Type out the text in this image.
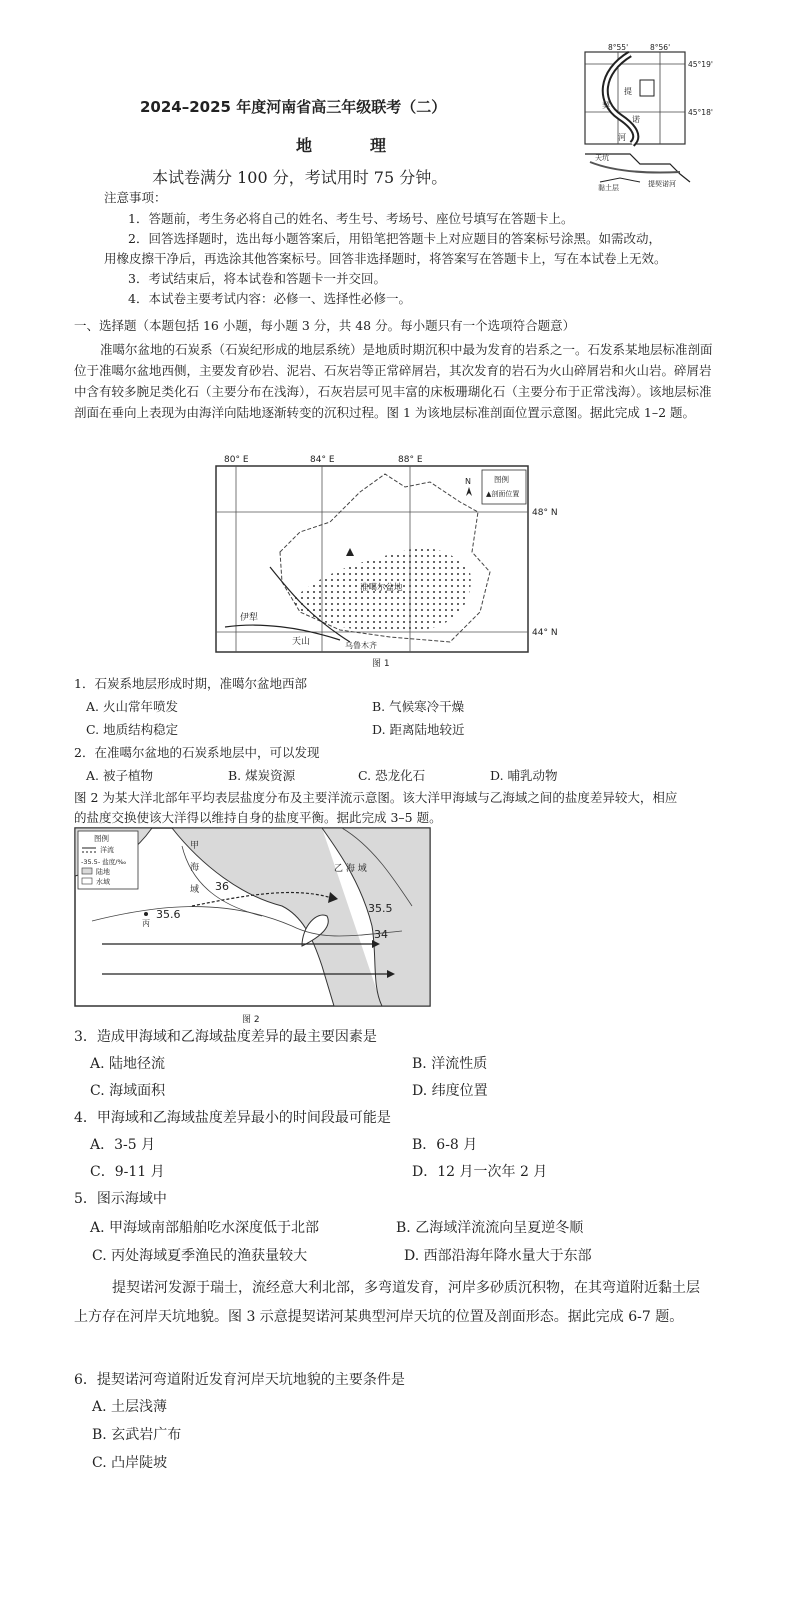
8°55'	8°56'
45°19'
45°18'
提
契
诺
河
天坑
黏土层	提契诺河
2024–2025 年度河南省高三年级联考（二）
地	理
本试卷满分 100 分，考试用时 75 分钟。
注意事项：
1．答题前，考生务必将自己的姓名、考生号、考场号、座位号填写在答题卡上。
2．回答选择题时，选出每小题答案后，用铅笔把答题卡上对应题目的答案标号涂黑。如需改动，
用橡皮擦干净后，再选涂其他答案标号。回答非选择题时，将答案写在答题卡上，写在本试卷上无效。
3．考试结束后，将本试卷和答题卡一并交回。
4．本试卷主要考试内容：必修一、选择性必修一。
一、选择题（本题包括 16 小题，每小题 3 分，共 48 分。每小题只有一个选项符合题意）
准噶尔盆地的石炭系（石炭纪形成的地层系统）是地质时期沉积中最为发育的岩系之一。石发系某地层标准剖面位于准噶尔盆地西侧，主要发育砂岩、泥岩、石灰岩等正常碎屑岩，其次发育的岩石为火山碎屑岩和火山岩。碎屑岩中含有较多腕足类化石（主要分布在浅海），石灰岩层可见丰富的床板珊瑚化石（主要分布于正常浅海）。该地层标准剖面在垂向上表现为由海洋向陆地逐渐转变的沉积过程。图 1 为该地层标准剖面位置示意图。据此完成 1–2 题。
80° E	84° E	88° E
48° N
44° N
N	图例
▲剖面位置
准噶尔盆地
伊犁
天山	乌鲁木齐
图 1
1．石炭系地层形成时期，准噶尔盆地西部
A. 火山常年喷发	B. 气候寒冷干燥
C. 地质结构稳定	D. 距离陆地较近
2．在准噶尔盆地的石炭系地层中，可以发现
A. 被子植物	B. 煤炭资源	C. 恐龙化石	D. 哺乳动物
图 2 为某大洋北部年平均表层盐度分布及主要洋流示意图。该大洋甲海域与乙海域之间的盐度差异较大，相应
的盐度交换使该大洋得以维持自身的盐度平衡。据此完成 3–5 题。
图例
洋流
-35.5- 盐度/‰
陆地
水域
甲
海
域
乙 海 域
36
35.6	35.5
34
丙
图 2
3．造成甲海域和乙海域盐度差异的最主要因素是
A. 陆地径流	B. 洋流性质
C. 海域面积	D. 纬度位置
4．甲海域和乙海域盐度差异最小的时间段最可能是
A．3-5 月	B．6-8 月
C．9-11 月	D．12 月一次年 2 月
5．图示海域中
A. 甲海域南部船舶吃水深度低于北部	B. 乙海域洋流流向呈夏逆冬顺
C. 丙处海域夏季渔民的渔获量较大	D. 西部沿海年降水量大于东部
提契诺河发源于瑞士，流经意大利北部，多弯道发育，河岸多砂质沉积物，在其弯道附近黏土层上方存在河岸天坑地貌。图 3 示意提契诺河某典型河岸天坑的位置及剖面形态。据此完成 6-7 题。
6．提契诺河弯道附近发育河岸天坑地貌的主要条件是
A. 土层浅薄
B. 玄武岩广布
C. 凸岸陡坡
